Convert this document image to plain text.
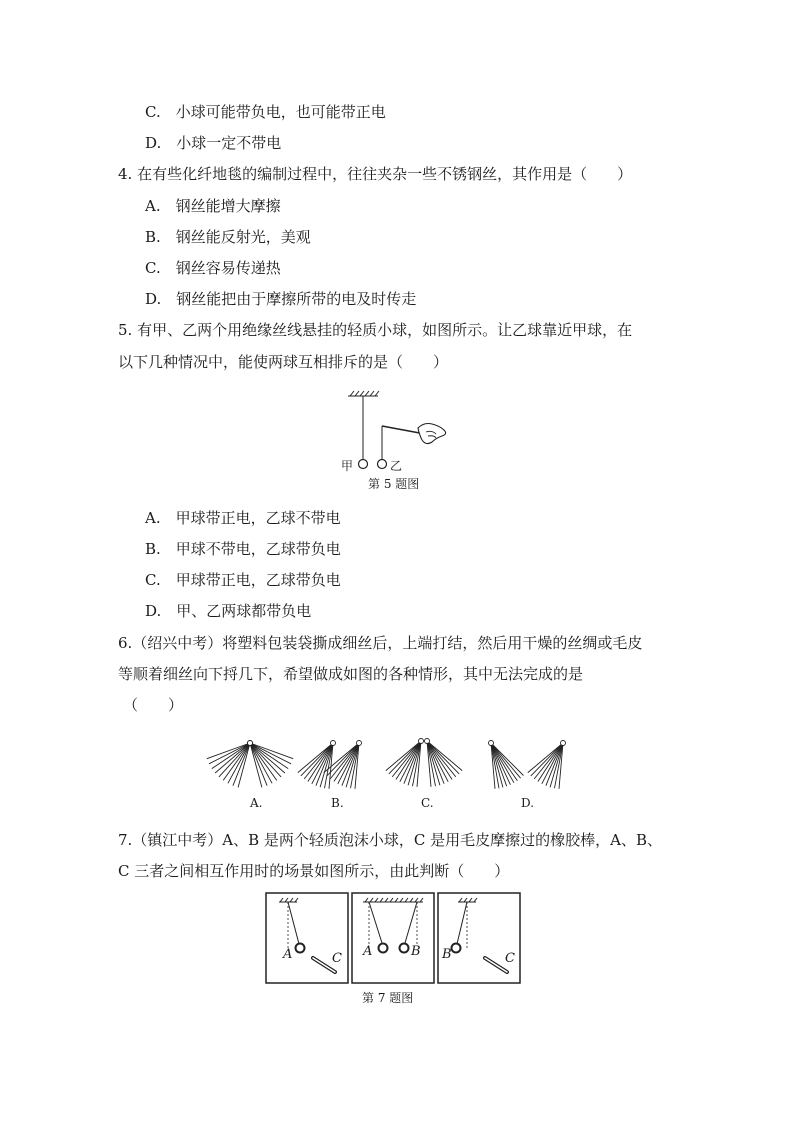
C.　小球可能带负电，也可能带正电
D.　小球一定不带电
4. 在有些化纤地毯的编制过程中，往往夹杂一些不锈钢丝，其作用是（　　）
A.　钢丝能增大摩擦
B.　钢丝能反射光，美观
C.　钢丝容易传递热
D.　钢丝能把由于摩擦所带的电及时传走
5. 有甲、乙两个用绝缘丝线悬挂的轻质小球，如图所示。让乙球靠近甲球，在
以下几种情况中，能使两球互相排斥的是（　　）
甲	乙
第 5 题图
A.　甲球带正电，乙球不带电
B.　甲球不带电，乙球带负电
C.　甲球带正电，乙球带负电
D.　甲、乙两球都带负电
6.（绍兴中考）将塑料包装袋撕成细丝后，上端打结，然后用干燥的丝绸或毛皮
等顺着细丝向下捋几下，希望做成如图的各种情形，其中无法完成的是
（　　）
A.	B.	C.	D.
7.（镇江中考）A、B 是两个轻质泡沫小球，C 是用毛皮摩擦过的橡胶棒，A、B、
C 三者之间相互作用时的场景如图所示，由此判断（　　）
A	C A	B B	C
第 7 题图
